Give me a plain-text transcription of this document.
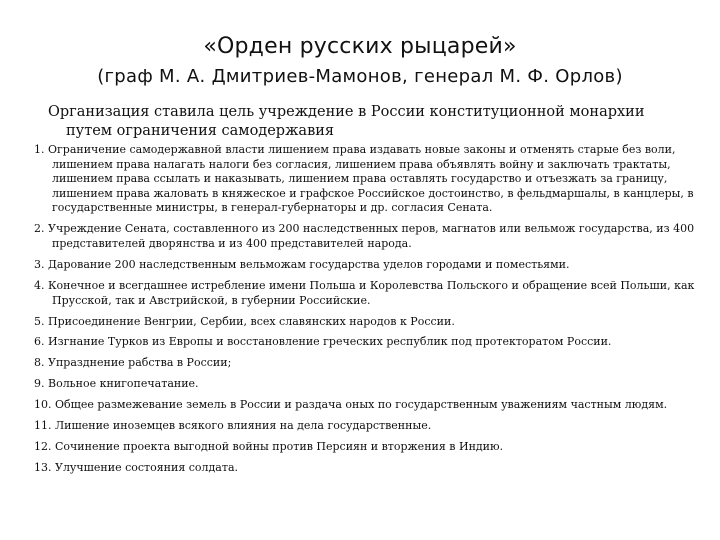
«Орден русских рыцарей»
(граф М. А. Дмитриев-Мамонов, генерал М. Ф. Орлов)
Организация ставила цель учреждение в России конституционной монархии
путем ограничения самодержавия
1. Ограничение самодержавной власти лишением права издавать новые законы и отменять старые без воли, лишением права налагать налоги без согласия, лишением права объявлять войну и заключать трактаты, лишением права ссылать и наказывать, лишением права оставлять государство и отъезжать за границу, лишением права жаловать в княжеское и графское Российское достоинство, в фельдмаршалы, в канцлеры, в государственные министры, в генерал-губернаторы и др. согласия Сената.
2. Учреждение Сената, составленного из 200 наследственных перов, магнатов или вельмож государства, из 400 представителей дворянства и из 400 представителей народа.
3. Дарование 200 наследственным вельможам государства уделов городами и поместьями.
4. Конечное и всегдашнее истребление имени Польша и Королевства Польского и обращение всей Польши, как Прусской, так и Австрийской, в губернии Российские.
5. Присоединение Венгрии, Сербии, всех славянских народов к России.
6. Изгнание Турков из Европы и восстановление греческих республик под протекторатом России.
8. Упразднение рабства в России;
9. Вольное книгопечатание.
10. Общее размежевание земель в России и раздача оных по государственным уважениям частным людям.
11. Лишение иноземцев всякого влияния на дела государственные.
12. Сочинение проекта выгодной войны против Персиян и вторжения в Индию.
13. Улучшение состояния солдата.
